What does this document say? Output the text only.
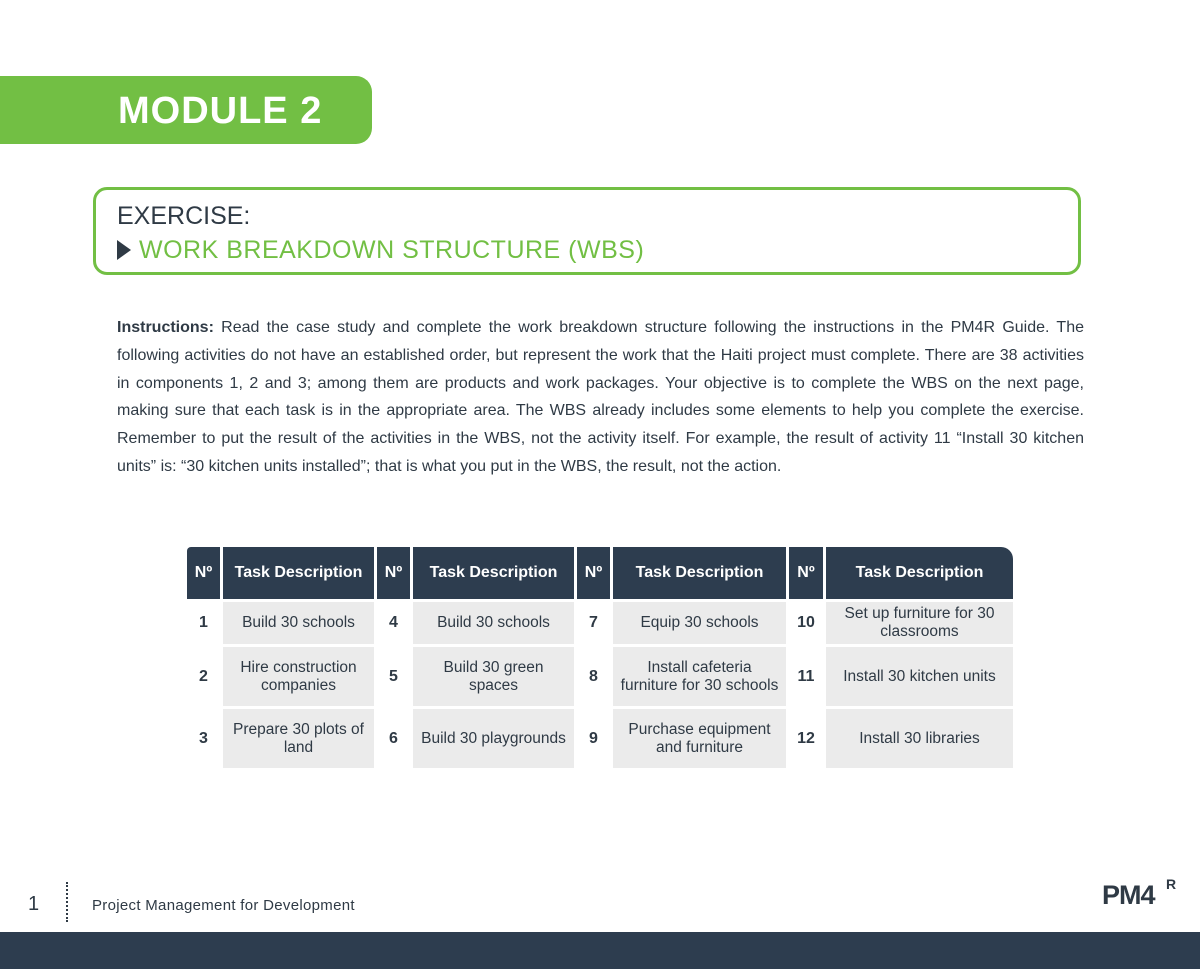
MODULE 2
EXERCISE:
WORK BREAKDOWN STRUCTURE (WBS)

Instructions: Read the case study and complete the work breakdown structure following the instructions in the PM4R Guide. The following activities do not have an established order, but represent the work that the Haiti project must complete. There are 38 activities in components 1, 2 and 3; among them are products and work packages. Your objective is to complete the WBS on the next page, making sure that each task is in the appropriate area. The WBS already includes some elements to help you complete the exercise. Remember to put the result of the activities in the WBS, not the activity itself. For example, the result of activity 11 “Install 30 kitchen units” is: “30 kitchen units installed”; that is what you put in the WBS, the result, not the action.

Nº	Task Description	Nº	Task Description	Nº	Task Description	Nº	Task Description
1	Build 30 schools	4	Build 30 schools	7	Equip 30 schools	10	Set up furniture for 30 classrooms
2	Hire construction companies	5	Build 30 green spaces	8	Install cafeteria furniture for 30 schools	11	Install 30 kitchen units
3	Prepare 30 plots of land	6	Build 30 playgrounds	9	Purchase equipment and furniture	12	Install 30 libraries
1	Project Management for Development	PM4 R
